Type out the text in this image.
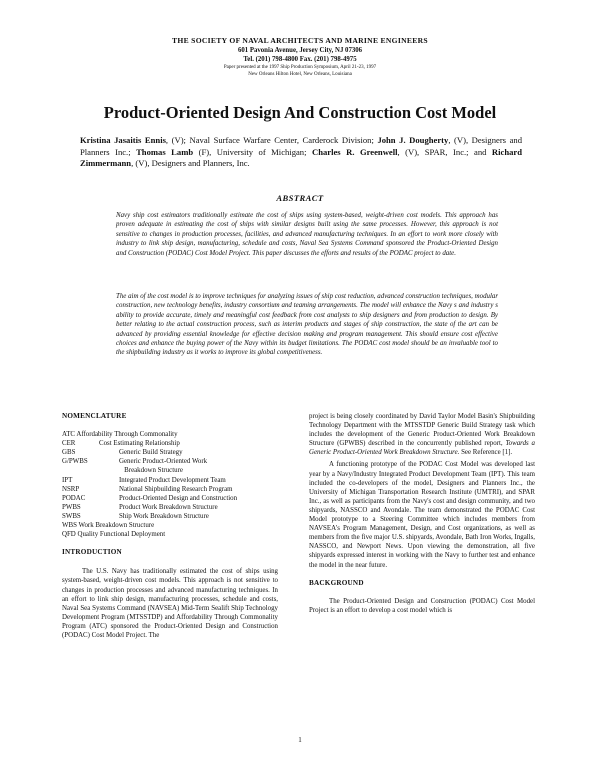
THE SOCIETY OF NAVAL ARCHITECTS AND MARINE ENGINEERS
601 Pavonia Avenue, Jersey City, NJ 07306
Tel. (201) 798-4800 Fax. (201) 798-4975
Paper presented at the 1997 Ship Production Symposium, April 21-23, 1997
New Orleans Hilton Hotel, New Orleans, Louisiana
Product-Oriented Design And Construction Cost Model
Kristina Jasaitis Ennis, (V); Naval Surface Warfare Center, Carderock Division; John J. Dougherty, (V), Designers and Planners Inc.; Thomas Lamb (F), University of Michigan; Charles R. Greenwell, (V), SPAR, Inc.; and Richard Zimmermann, (V), Designers and Planners, Inc.
ABSTRACT

Navy ship cost estimators traditionally estimate the cost of ships using system-based, weight-driven cost models. This approach has proven adequate in estimating the cost of ships with similar designs built using the same processes. However, this approach is not sensitive to changes in production processes, facilities, and advanced manufacturing techniques. In an effort to work more closely with industry to link ship design, manufacturing, schedule and costs, Naval Sea Systems Command sponsored the Product-Oriented Design and Construction (PODAC) Cost Model Project. This paper discusses the efforts and results of the PODAC project to date.

The aim of the cost model is to improve techniques for analyzing issues of ship cost reduction, advanced construction techniques, modular construction, new technology benefits, industry consortium and teaming arrangements. The model will enhance the Navy s and industry s ability to provide accurate, timely and meaningful cost feedback from cost analysts to ship designers and from production to design. By better relating to the actual construction process, such as interim products and stages of ship construction, the state of the art can be advanced by providing essential knowledge for effective decision making and program management. This should ensure cost effective choices and enhance the buying power of the Navy within its budget limitations. The PODAC cost model should be an invaluable tool to the shipbuilding industry as it works to improve its global competitiveness.

NOMENCLATURE
ATC Affordability Through Commonality
CER	Cost Estimating Relationship
GBS	Generic Build Strategy
G/PWBS	Generic Product-Oriented Work
Breakdown Structure
IPT	Integrated Product Development Team
NSRP	National Shipbuilding Research Program
PODAC	Product-Oriented Design and Construction
PWBS	Product Work Breakdown Structure
SWBS	Ship Work Breakdown Structure
WBS Work Breakdown Structure
QFD Quality Functional Deployment
INTRODUCTION

The U.S. Navy has traditionally estimated the cost of ships using system-based, weight-driven cost models. This approach is not sensitive to changes in production processes and advanced manufacturing techniques. In an effort to link ship design, manufacturing processes, schedule and costs, Naval Sea Systems Command (NAVSEA) Mid-Term Sealift Ship Technology Development Program (MTSSTDP) and Affordability Through Commonality Program (ATC) sponsored the Product-Oriented Design and Construction (PODAC) Cost Model Project. The

project is being closely coordinated by David Taylor Model Basin's Shipbuilding Technology Department with the MTSSTDP Generic Build Strategy task which includes the development of the Generic Product-Oriented Work Breakdown Structure (GPWBS) described in the concurrently published report, Towards a Generic Product-Oriented Work Breakdown Structure. See Reference [1].

A functioning prototype of the PODAC Cost Model was developed last year by a Navy/Industry Integrated Product Development Team (IPT). This team included the co-developers of the model, Designers and Planners Inc., the University of Michigan Transportation Research Institute (UMTRI), and SPAR Inc., as well as participants from the Navy's cost and design community, and two shipyards, NASSCO and Avondale. The team demonstrated the PODAC Cost Model prototype to a Steering Committee which includes members from NAVSEA's Program Management, Design, and Cost organizations, as well as members from the five major U.S. shipyards, Avondale, Bath Iron Works, Ingalls, NASSCO, and Newport News. Upon viewing the demonstration, all five shipyards expressed interest in working with the Navy to further test and enhance the model in the near future.

BACKGROUND

The Product-Oriented Design and Construction (PODAC) Cost Model Project is an effort to develop a cost model which is

1
